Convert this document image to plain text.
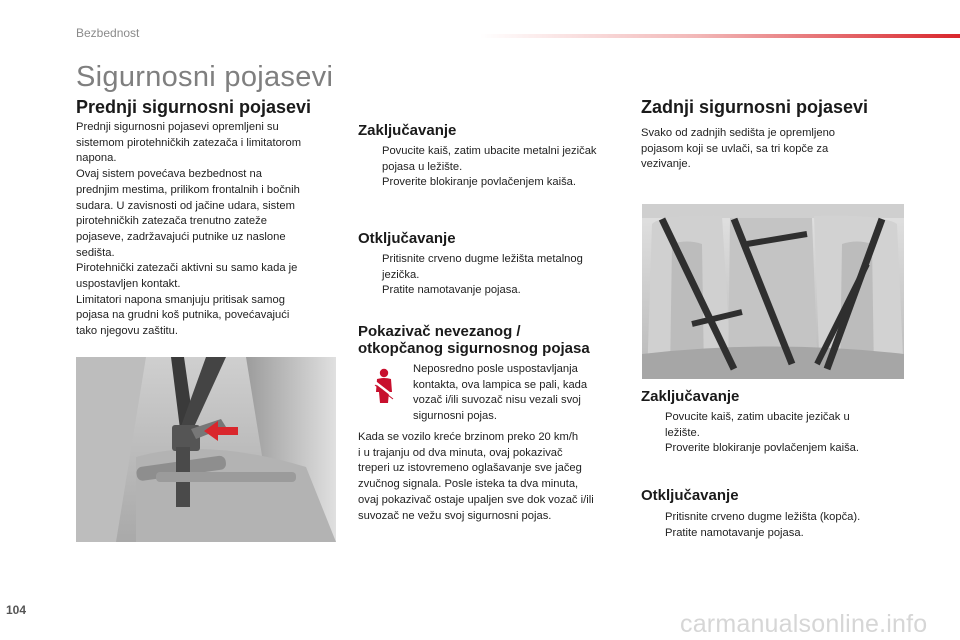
Bezbednost
Sigurnosni pojasevi
Prednji sigurnosni pojasevi

Prednji sigurnosni pojasevi opremljeni su
sistemom pirotehničkih zatezača i limitatorom
napona.
Ovaj sistem povećava bezbednost na
prednjim mestima, prilikom frontalnih i bočnih
sudara. U zavisnosti od jačine udara, sistem
pirotehničkih zatezača trenutno zateže
pojaseve, zadržavajući putnike uz naslone
sedišta.
Pirotehnički zatezači aktivni su samo kada je
uspostavljen kontakt.
Limitatori napona smanjuju pritisak samog
pojasa na grudni koš putnika, povećavajući
tako njegovu zaštitu.

Zaključavanje
Povucite kaiš, zatim ubacite metalni jezičak
pojasa u ležište.
Proverite blokiranje povlačenjem kaiša.
Otključavanje
Pritisnite crveno dugme ležišta metalnog
jezička.
Pratite namotavanje pojasa.
Pokazivač nevezanog /
otkopčanog sigurnosnog pojasa

Neposredno posle uspostavljanja
kontakta, ova lampica se pali, kada
vozač i/ili suvozač nisu vezali svoj
sigurnosni pojas.

Kada se vozilo kreće brzinom preko 20 km/h
i u trajanju od dva minuta, ovaj pokazivač
treperi uz istovremeno oglašavanje sve jačeg
zvučnog signala. Posle isteka ta dva minuta,
ovaj pokazivač ostaje upaljen sve dok vozač i/ili
suvozač ne vežu svoj sigurnosni pojas.

Zadnji sigurnosni pojasevi

Svako od zadnjih sedišta je opremljeno
pojasom koji se uvlači, sa tri kopče za
vezivanje.

Zaključavanje
Povucite kaiš, zatim ubacite jezičak u
ležište.
Proverite blokiranje povlačenjem kaiša.
Otključavanje
Pritisnite crveno dugme ležišta (kopča).
Pratite namotavanje pojasa.
104	carmanualsonline.info
